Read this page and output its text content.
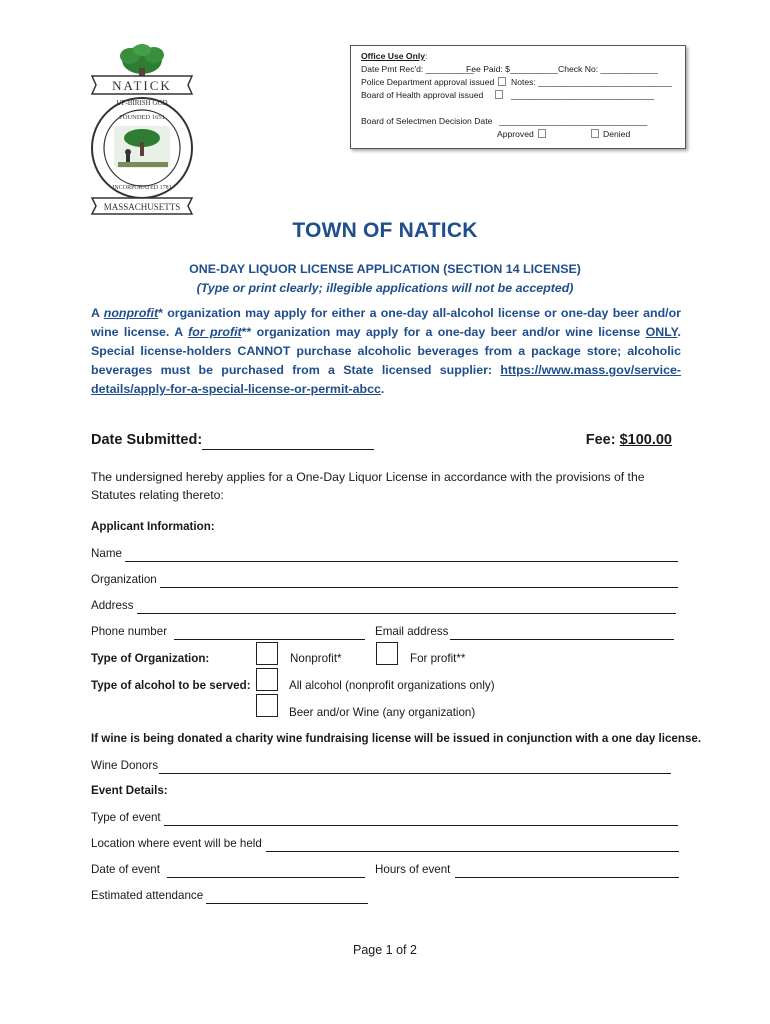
NATICK
UP-BIRISH GOD
FOUNDED 1651
INCORPORATED 1781
MASSACHUSETTS
Office Use Only:
Date Pmt Rec'd: __________
Fee Paid: $__________ Check No: ____________
Police Department approval issued	Notes: ____________________________
Board of Health approval issued	______________________________
Board of Selectmen Decision Date _______________________________
Approved	Denied
TOWN OF NATICK
ONE-DAY LIQUOR LICENSE APPLICATION (SECTION 14 LICENSE)
(Type or print clearly; illegible applications will not be accepted)
A nonprofit* organization may apply for either a one-day all-alcohol license or one-day beer and/or wine license. A for profit** organization may apply for a one-day beer and/or wine license ONLY. Special license-holders CANNOT purchase alcoholic beverages from a package store; alcoholic beverages must be purchased from a State licensed supplier: https://www.mass.gov/service-details/apply-for-a-special-license-or-permit-abcc.
Date Submitted:	Fee: $100.00
The undersigned hereby applies for a One-Day Liquor License in accordance with the provisions of the Statutes relating thereto:
Applicant Information:
Name
Organization
Address
Phone number	Email address
Type of Organization:	Nonprofit*	For profit**
Type of alcohol to be served:	All alcohol (nonprofit organizations only)
Beer and/or Wine (any organization)
If wine is being donated a charity wine fundraising license will be issued in conjunction with a one day license.
Wine Donors
Event Details:
Type of event
Location where event will be held
Date of event	Hours of event
Estimated attendance
Page 1 of 2
